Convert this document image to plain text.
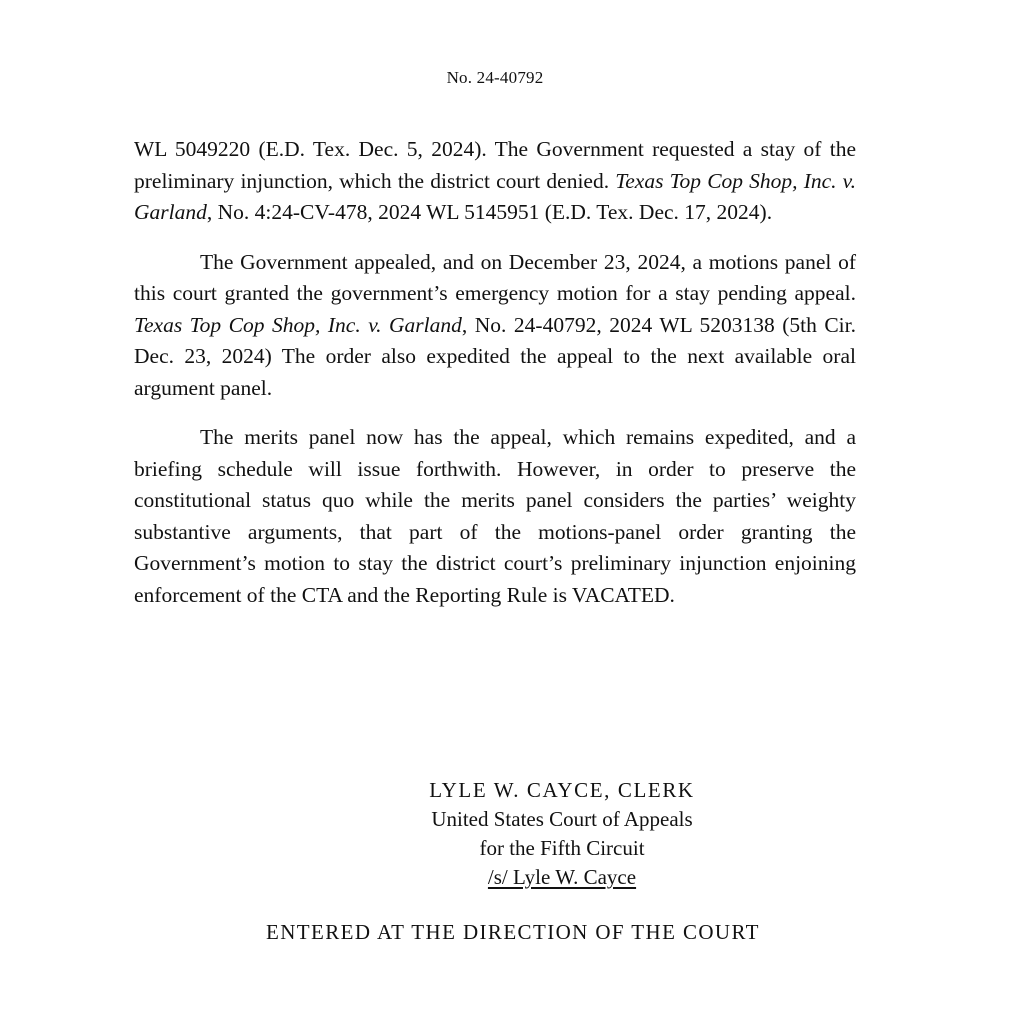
No. 24-40792

WL 5049220 (E.D. Tex. Dec. 5, 2024). The Government requested a stay of the preliminary injunction, which the district court denied. Texas Top Cop Shop, Inc. v. Garland, No. 4:24-CV-478, 2024 WL 5145951 (E.D. Tex. Dec. 17, 2024).

The Government appealed, and on December 23, 2024, a motions panel of this court granted the government’s emergency motion for a stay pending appeal. Texas Top Cop Shop, Inc. v. Garland, No. 24-40792, 2024 WL 5203138 (5th Cir. Dec. 23, 2024) The order also expedited the appeal to the next available oral argument panel.

The merits panel now has the appeal, which remains expedited, and a briefing schedule will issue forthwith. However, in order to preserve the constitutional status quo while the merits panel considers the parties’ weighty substantive arguments, that part of the motions-panel order granting the Government’s motion to stay the district court’s preliminary injunction enjoining enforcement of the CTA and the Reporting Rule is VACATED.

LYLE W. CAYCE, CLERK
United States Court of Appeals
for the Fifth Circuit
/s/ Lyle W. Cayce
ENTERED AT THE DIRECTION OF THE COURT
